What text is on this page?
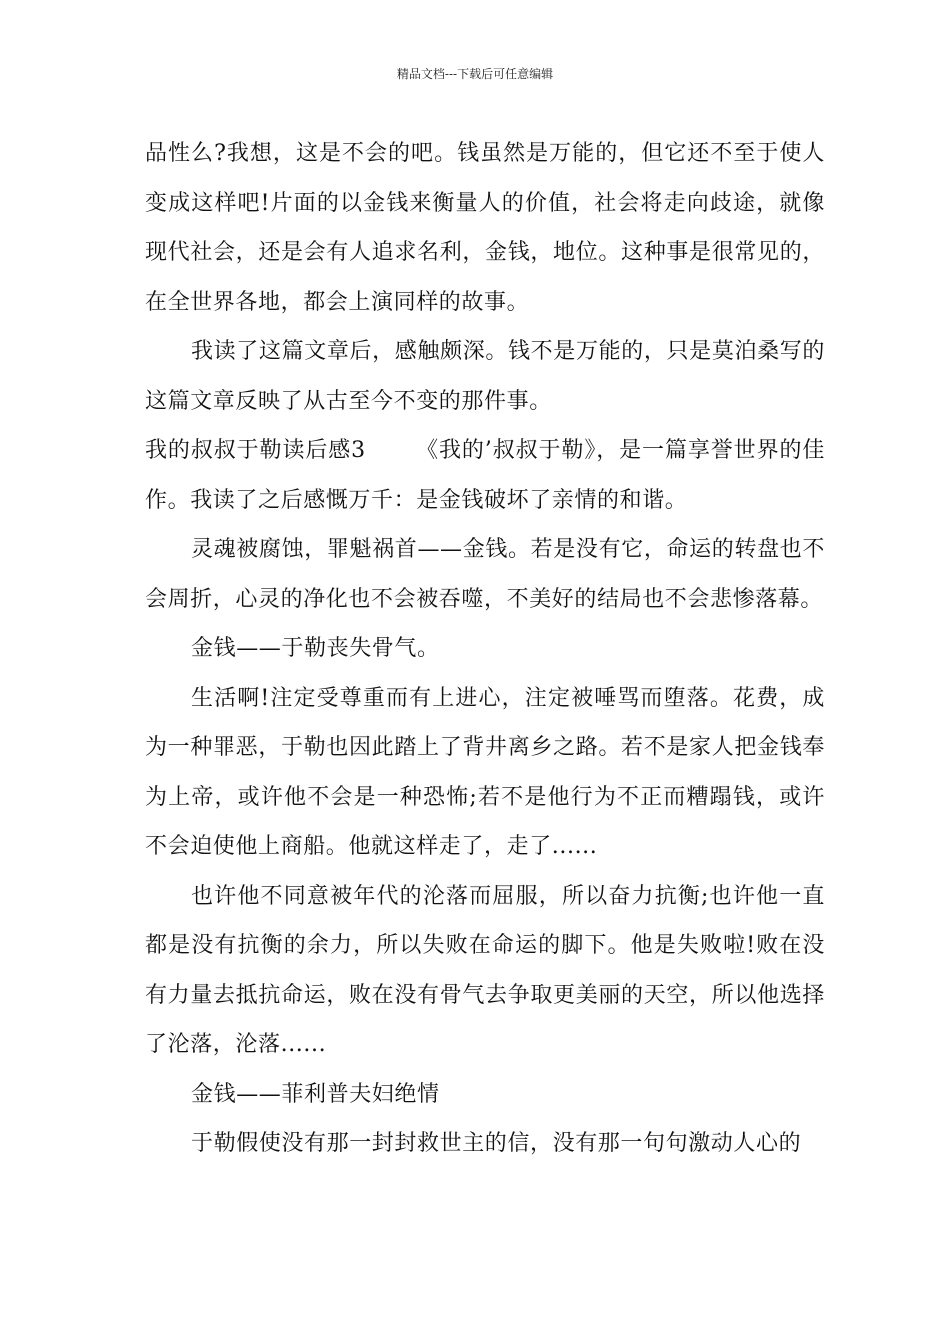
精品文档---下载后可任意编辑

品性么?我想，这是不会的吧。钱虽然是万能的，但它还不至于使人变成这样吧!片面的以金钱来衡量人的价值，社会将走向歧途，就像现代社会，还是会有人追求名利，金钱，地位。这种事是很常见的，在全世界各地，都会上演同样的故事。

我读了这篇文章后，感触颇深。钱不是万能的，只是莫泊桑写的这篇文章反映了从古至今不变的那件事。

我的叔叔于勒读后感3 《我的’叔叔于勒》，是一篇享誉世界的佳作。我读了之后感慨万千：是金钱破坏了亲情的和谐。

灵魂被腐蚀，罪魁祸首——金钱。若是没有它，命运的转盘也不会周折，心灵的净化也不会被吞噬，不美好的结局也不会悲惨落幕。

金钱——于勒丧失骨气。

生活啊!注定受尊重而有上进心，注定被唾骂而堕落。花费，成为一种罪恶，于勒也因此踏上了背井离乡之路。若不是家人把金钱奉为上帝，或许他不会是一种恐怖;若不是他行为不正而糟蹋钱，或许不会迫使他上商船。他就这样走了，走了......

也许他不同意被年代的沦落而屈服，所以奋力抗衡;也许他一直都是没有抗衡的余力，所以失败在命运的脚下。他是失败啦!败在没有力量去抵抗命运，败在没有骨气去争取更美丽的天空，所以他选择了沦落，沦落......

金钱——菲利普夫妇绝情

于勒假使没有那一封封救世主的信，没有那一句句激动人心的
